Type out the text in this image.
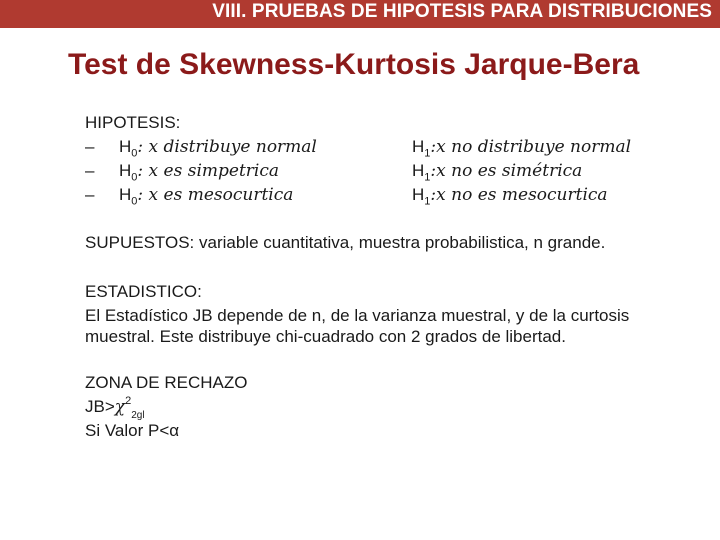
VIII. PRUEBAS DE HIPOTESIS PARA DISTRIBUCIONES
Test de Skewness-Kurtosis Jarque-Bera
HIPOTESIS:
– $H_0$: x distribuye normal	$H_1:x$ no distribuye normal
– $H_0$: x es simpetrica	$H_1:x$ no es simétrica
– $H_0$: x es mesocurtica	$H_1:x$ no es mesocurtica
SUPUESTOS: variable cuantitativa, muestra probabilistica, n grande.
ESTADISTICO:
El Estadístico JB depende de n, de la varianza muestral, y de la curtosis muestral. Este distribuye chi-cuadrado con 2 grados de libertad.
ZONA DE RECHAZO
$JB>\chi^2_{2gl}$
Si Valor P<α
